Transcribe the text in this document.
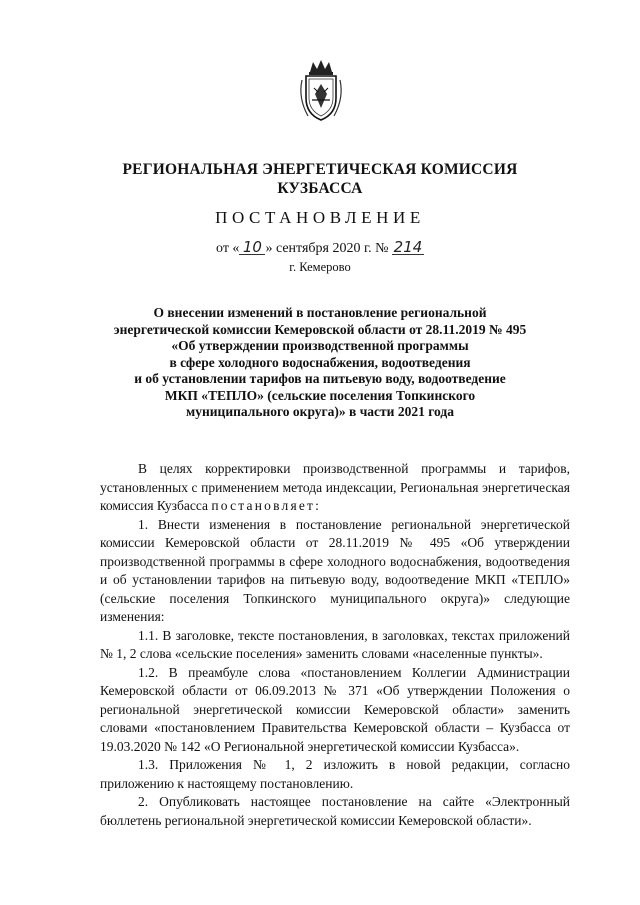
РЕГИОНАЛЬНАЯ ЭНЕРГЕТИЧЕСКАЯ КОМИССИЯ
КУЗБАССА
ПОСТАНОВЛЕНИЕ
от « 10 » сентября 2020 г. № 214
г. Кемерово
О внесении изменений в постановление региональной
энергетической комиссии Кемеровской области от 28.11.2019 № 495
«Об утверждении производственной программы
в сфере холодного водоснабжения, водоотведения
и об установлении тарифов на питьевую воду, водоотведение
МКП «ТЕПЛО» (сельские поселения Топкинского
муниципального округа)» в части 2021 года

В целях корректировки производственной программы и тарифов, установленных с применением метода индексации, Региональная энергетическая комиссия Кузбасса постановляет:

1. Внести изменения в постановление региональной энергетической комиссии Кемеровской области от 28.11.2019 № 495 «Об утверждении производственной программы в сфере холодного водоснабжения, водоотведения и об установлении тарифов на питьевую воду, водоотведение МКП «ТЕПЛО» (сельские поселения Топкинского муниципального округа)» следующие изменения:

1.1. В заголовке, тексте постановления, в заголовках, текстах приложений № 1, 2 слова «сельские поселения» заменить словами «населенные пункты».

1.2. В преамбуле слова «постановлением Коллегии Администрации Кемеровской области от 06.09.2013 № 371 «Об утверждении Положения о региональной энергетической комиссии Кемеровской области» заменить словами «постановлением Правительства Кемеровской области – Кузбасса от 19.03.2020 № 142 «О Региональной энергетической комиссии Кузбасса».

1.3. Приложения № 1, 2 изложить в новой редакции, согласно приложению к настоящему постановлению.

2. Опубликовать настоящее постановление на сайте «Электронный бюллетень региональной энергетической комиссии Кемеровской области».
